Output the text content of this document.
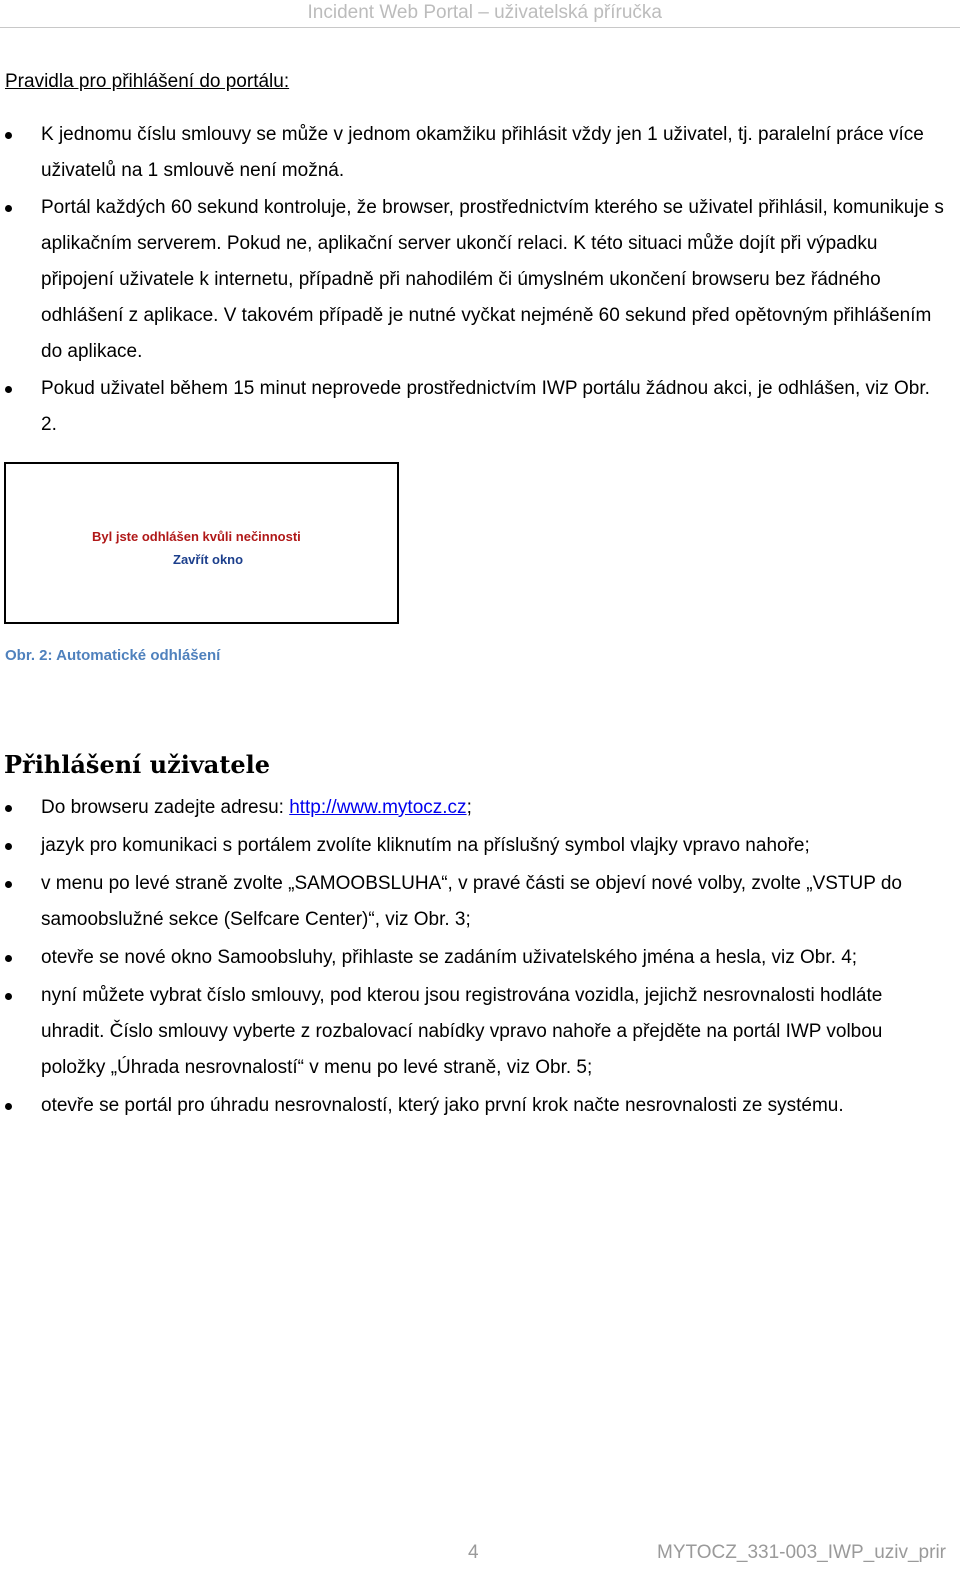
Incident Web Portal – uživatelská příručka
Pravidla pro přihlášení do portálu:
K jednomu číslu smlouvy se může v jednom okamžiku přihlásit vždy jen 1 uživatel, tj. paralelní práce více uživatelů na 1 smlouvě není možná.
Portál každých 60 sekund kontroluje, že browser, prostřednictvím kterého se uživatel přihlásil, komunikuje s aplikačním serverem. Pokud ne, aplikační server ukončí relaci. K této situaci může dojít při výpadku připojení uživatele k internetu, případně při nahodilém či úmyslném ukončení browseru bez řádného odhlášení z aplikace. V takovém případě je nutné vyčkat nejméně 60 sekund před opětovným přihlášením do aplikace.
Pokud uživatel během 15 minut neprovede prostřednictvím IWP portálu žádnou akci, je odhlášen, viz Obr. 2.
Byl jste odhlášen kvůli nečinnosti
Zavřít okno
Obr. 2: Automatické odhlášení
Přihlášení uživatele
Do browseru zadejte adresu: http://www.mytocz.cz;
jazyk pro komunikaci s portálem zvolíte kliknutím na příslušný symbol vlajky vpravo nahoře;
v menu po levé straně zvolte „SAMOOBSLUHA“, v pravé části se objeví nové volby, zvolte „VSTUP do samoobslužné sekce (Selfcare Center)“, viz Obr. 3;
otevře se nové okno Samoobsluhy, přihlaste se zadáním uživatelského jména a hesla, viz Obr. 4;
nyní můžete vybrat číslo smlouvy, pod kterou jsou registrována vozidla, jejichž nesrovnalosti hodláte uhradit. Číslo smlouvy vyberte z rozbalovací nabídky vpravo nahoře a přejděte na portál IWP volbou položky „Úhrada nesrovnalostí“ v menu po levé straně, viz Obr. 5;
otevře se portál pro úhradu nesrovnalostí, který jako první krok načte nesrovnalosti ze systému.
4	MYTOCZ_331-003_IWP_uziv_prir
